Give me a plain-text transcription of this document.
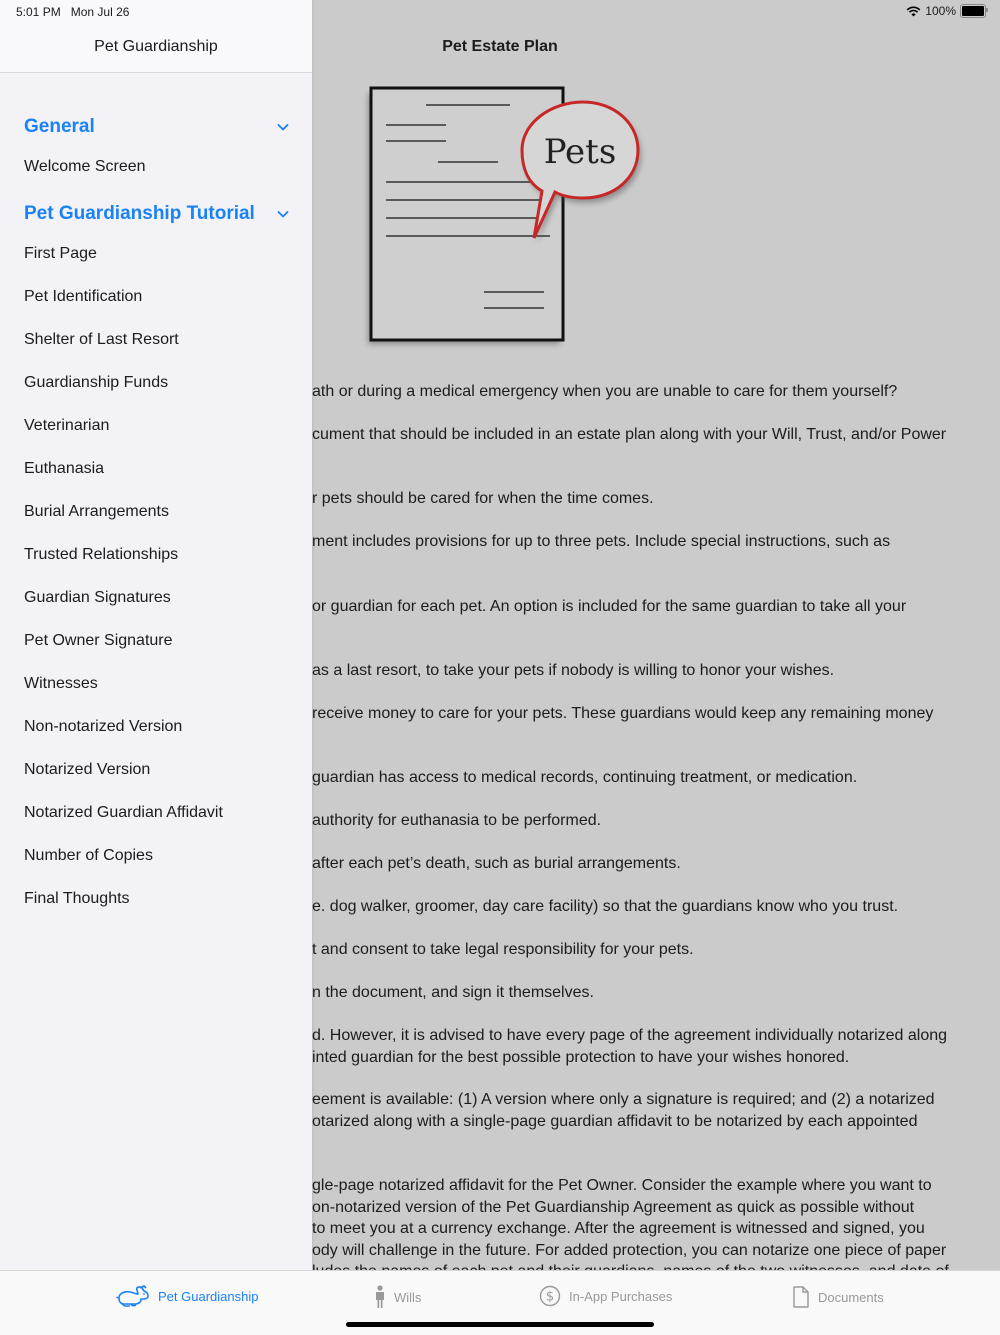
5:01 PM Mon Jul 26	100%
Pet Estate Plan
Pets
ath or during a medical emergency when you are unable to care for them yourself?
cument that should be included in an estate plan along with your Will, Trust, and/or Power
r pets should be cared for when the time comes.
ment includes provisions for up to three pets. Include special instructions, such as
or guardian for each pet. An option is included for the same guardian to take all your
as a last resort, to take your pets if nobody is willing to honor your wishes.
receive money to care for your pets. These guardians would keep any remaining money
guardian has access to medical records, continuing treatment, or medication.
authority for euthanasia to be performed.
after each pet’s death, such as burial arrangements.
e. dog walker, groomer, day care facility) so that the guardians know who you trust.
t and consent to take legal responsibility for your pets.
n the document, and sign it themselves.
d. However, it is advised to have every page of the agreement individually notarized along
inted guardian for the best possible protection to have your wishes honored.
eement is available: (1) A version where only a signature is required; and (2) a notarized
otarized along with a single-page guardian affidavit to be notarized by each appointed
gle-page notarized affidavit for the Pet Owner. Consider the example where you want to
on-notarized version of the Pet Guardianship Agreement as quick as possible without
to meet you at a currency exchange. After the agreement is witnessed and signed, you
ody will challenge in the future. For added protection, you can notarize one piece of paper
Pet Guardianship
General
Welcome Screen
Pet Guardianship Tutorial
First Page
Pet Identification
Shelter of Last Resort
Guardianship Funds
Veterinarian
Euthanasia
Burial Arrangements
Trusted Relationships
Guardian Signatures
Pet Owner Signature
Witnesses
Non-notarized Version
Notarized Version
Notarized Guardian Affidavit
Number of Copies
Final Thoughts
Pet Guardianship	Wills	$ In-App Purchases	Documents
